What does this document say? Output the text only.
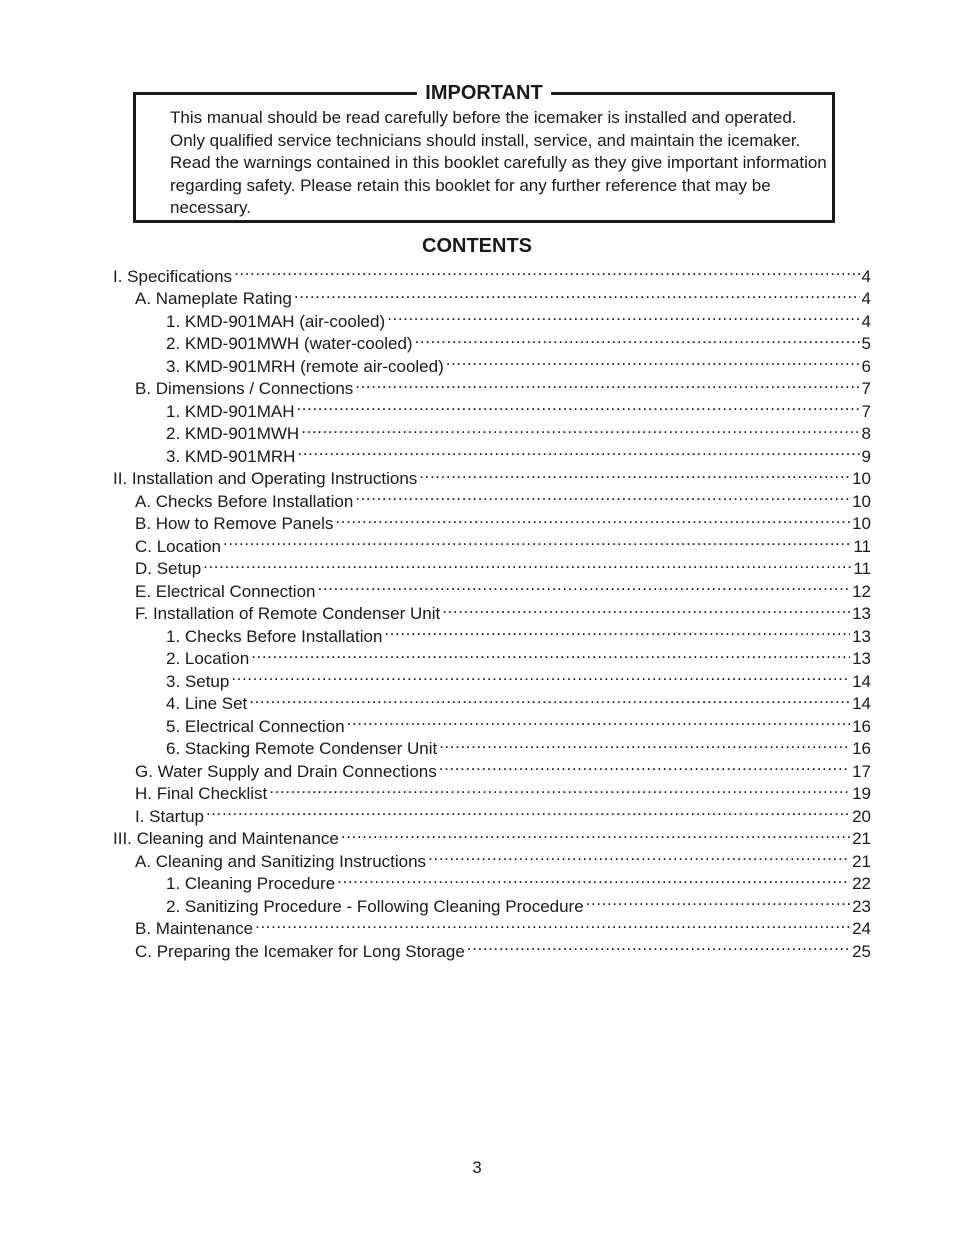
IMPORTANT

This manual should be read carefully before the icemaker is installed and operated. Only qualified service technicians should install, service, and maintain the icemaker. Read the warnings contained in this booklet carefully as they give important information regarding safety. Please retain this booklet for any further reference that may be necessary.

CONTENTS
I. Specifications .....	4
A. Nameplate Rating .....	4
1. KMD-901MAH (air-cooled) .....	4
2. KMD-901MWH (water-cooled) .....	5
3. KMD-901MRH (remote air-cooled) .....	6
B. Dimensions / Connections .....	7
1. KMD-901MAH .....	7
2. KMD-901MWH .....	8
3. KMD-901MRH .....	9
II. Installation and Operating Instructions .....	10
A. Checks Before Installation .....	10
B. How to Remove Panels .....	10
C. Location .....	11
D. Setup .....	11
E. Electrical Connection .....	12
F. Installation of Remote Condenser Unit .....	13
1. Checks Before Installation .....	13
2. Location .....	13
3. Setup .....	14
4. Line Set .....	14
5. Electrical Connection .....	16
6. Stacking Remote Condenser Unit .....	16
G. Water Supply and Drain Connections .....	17
H. Final Checklist .....	19
I. Startup .....	20
III. Cleaning and Maintenance .....	21
A. Cleaning and Sanitizing Instructions .....	21
1. Cleaning Procedure .....	22
2. Sanitizing Procedure - Following Cleaning Procedure .....	23
B. Maintenance .....	24
C. Preparing the Icemaker for Long Storage .....	25

3
